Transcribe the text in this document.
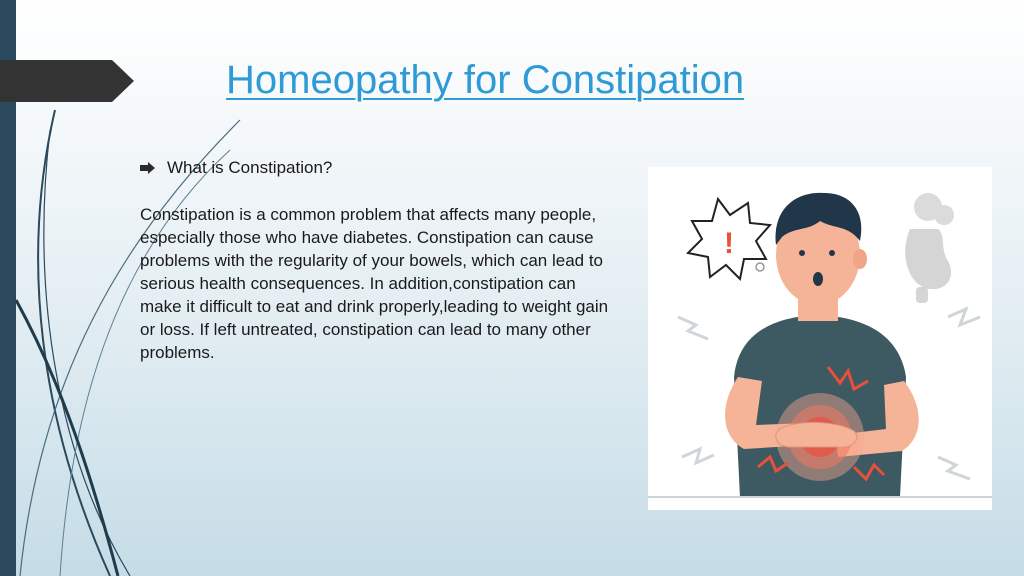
Homeopathy for Constipation
What is Constipation?

Constipation is a common problem that affects many people, especially those who have diabetes. Constipation can cause problems with the regularity of your bowels, which can lead to serious health consequences. In addition,constipation can make it difficult to eat and drink properly,leading to weight gain or loss. If left untreated, constipation can lead to many other problems.

!
